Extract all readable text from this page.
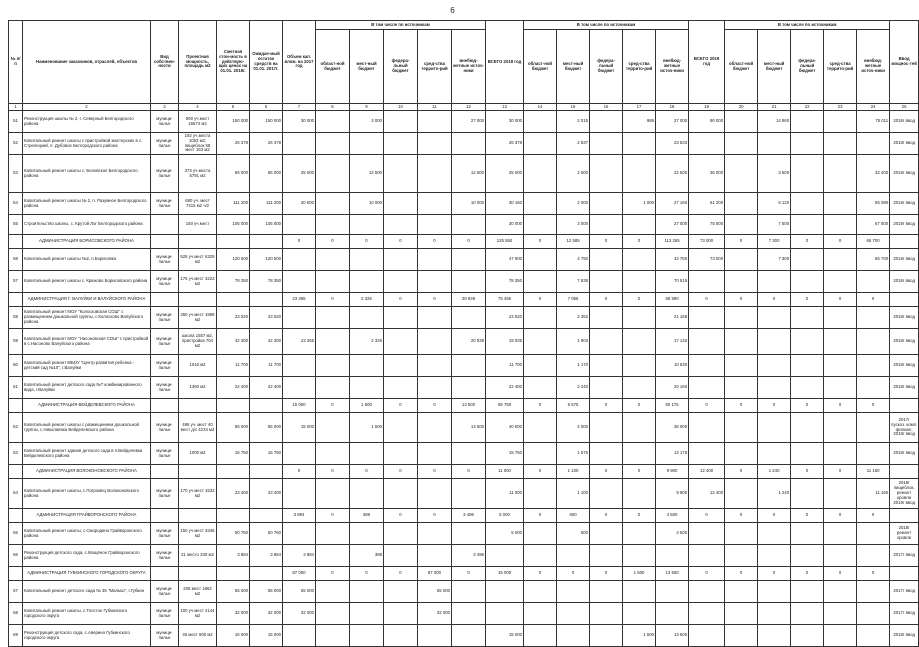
6
№ п/п	Наименование заказчиков, отраслей, объектов	Вид собствен-ности	Проектная мощность, площадь м2	Сметная стои-мость в действую-щих ценах на 01.01. 2018г.	Ожидае-мый остаток средств на 01.01. 2017г.	Объем кап. влож. на 2017 год	В том числе по источникам					ВСЕГО 2018 год	В том числе по источникам					ВСЕГО 2019 год	В том числе по источникам					Ввод мощнос-тей
							област-ной бюджет	мест-ный бюджет	федера-льный бюджет	сред-ства террито-рий	внебюд-жетные источ-ники		област-ной бюджет	мест-ный бюджет	федера-льный бюджет	сред-ства террито-рий	внебюд-жетные источ-ники		област-ной бюджет	мест-ный бюджет	федера-льный бюджет	сред-ства террито-рий	внебюд-жетные источ-ники	
1	2	3	4	5	6	7	8	9	10	11	12	13	14	15	16	17	18	19	20	21	22	23	24	25
51	Реконструкция школы № 2, г. Северный Белгородского района	муници-пальн	900 уч.мест 16674 м2	150 000	150 000	30 000		3 000			27 000	30 000		2 015		985	27 000	90 000		14 960			75 011	2018г ввод
52	Капитальный ремонт школы с пристройкой мастерских в с. Стрелецкий, п. Дубовое Белгородского района	муници-пальн	192 уч.места 1053 м2; пищеблок 58 мест 153 м2	26 378	26 378							26 378		2 837			23 533							2018г ввод
53	Капитальный ремонт школы с. Беловское Белгородского района	муници-пальн	373 уч.места 5791 м2	66 000	66 000	25 000		12 500			12 500	25 000		2 500			22 500	36 000		3 600			32 400	2019г ввод
54	Капитальный ремонт школы № 2, п. Разумное Белгородского района	муници-пальн	680 уч. мест 7415 м2 ч/2	111 200	111 200	20 000		10 000			10 000	30 160		2 000		1 000	27 160	61 200		6 120			55 080	2019г ввод
55	Строительство школы, с. Крутой Лог Белгородского района		150 уч.мест	105 000	105 000							30 000		3 000			27 000	75 000		7 500			67 500	2019г ввод
	АДМИНИСТРАЦИЯ БОРИСОВСКОГО РАЙОНА					0	0	0	0	0	0	125 550	0	12 585	0	0	113 265	73 000	0	7 300	0	0	65 700	
58	Капитальный ремонт школы №2, п.Борисовка	муници-пальн	525 уч.мест 6329 м2	120 500	120 500							47 500		4 750			42 750	73 000		7 300			65 700	2019г ввод
57	Капитальный ремонт школы с. Крюково Борисовского района	муници-пальн	175 уч.мест 3223 м2	78 350	78 350							78 350		7 835			70 515							2018г ввод
	АДМИНИСТРАЦИЯ Г. ВАЛУЙКИ И ВАЛУЙСКОГО РАЙОНА					23 365	0	2 326	0	0	20 939	75 455	0	7 065	0	0	68 890	0	0	0	0	0	0	
58	Капитальный ремонт МОУ "Колосковская СОШ" с размещением дошкольной группы, с.Колосково Валуйского района	муници-пальн	260 уч.мест 1969 м2	23 520	23 520							23 520		2 352			21 168							2018г ввод
59	Капитальный ремонт МОУ "Насоновская СОШ" с пристройкой в с.Насоново Валуйского района	муници-пальн	школа 1557 м2, пристройка 704 м2	42 300	42 300	23 265		2 326			20 939	19 035		1 903			17 132							2018г ввод
60	Капитальный ремонт МБОУ "Центр развития ребенка - детский сад №10", г.Валуйки	муници-пальн	1016 м2	11 700	11 700							11 700		1 170			10 530							2018г ввод
61	Капитальный ремонт детского сада №7 комбинированного вида, г.Валуйки	муници-пальн	1360 м2	22 400	22 400							22 400		2 240			20 160							2018г ввод
	АДМИНИСТРАЦИЯ ВЕЙДЕЛЕВСКОГО РАЙОНА					15 000	0	1 500	0	0	13 500	55 750	0	5 575	0	0	50 175	0	0	0	0	0	0	
62	Капитальный ремонт школы с размещением дошкольной группы, с.Николаевка Вейделевского района	муници-пальн	486 уч. мест 40 мест д/с 4234 м2	55 000	55 000	15 000		1 500			13 500	40 000		4 000			36 000							2017г пускоз. комп. филиал, 2018г ввод
63	Капитальный ремонт здания детского сада в п.Вейделевка Вейделевского района	муници-пальн	1000 м2	15 750	15 750							15 750		1 575			14 175							2018г ввод
	АДМИНИСТРАЦИЯ ВОЛОКОНОВСКОГО РАЙОНА					0	0	0	0	0	0	11 000	0	1 100	0	0	9 900	12 400	0	1 240	0	0	11 160	
64	Капитальный ремонт школы, с.Погромец Волоконовского района	муници-пальн	170 уч.мест 1533 м2	23 400	23 400							11 000		1 100			9 900	12 400		1 240			11 160	2018г пищеблок, ремонт кровли 2019г ввод
	АДМИНИСТРАЦИЯ ГРАЙВОРОНСКОГО РАЙОНА					3 884	0	388	0	0	3 496	5 000	0	500	0	0	4 500	0	0	0	0	0	0	
65	Капитальный ремонт школы, с.Смородино Грайворонского района	муници-пальн	150 уч.мест 3346 м2	50 760	50 760							5 000		500			4 500							2018г ремонт кровли
66	Реконструкция детского сада, с.Мощёное Грайворонского района	муници-пальн	21 место 330 м2	3 884	3 884	3 884		388			3 496													2017г ввод
	АДМИНИСТРАЦИЯ ГУБКИНСКОГО ГОРОДСКОГО ОКРУГА					87 000	0	0	0	87 000	0	15 000	0	0	0	1 500	13 500	0	0	0	0	0	0	
67	Капитальный ремонт детского сада № 35 "Малыш", г.Губкин	муници-пальн	205 мест 1862 м2	55 000	55 000	55 000				55 000														2017г ввод
68	Капитальный ремонт школы, с.Толстое Губкинского городского округа	муници-пальн	100 уч.мест 2144 м2	32 000	32 000	32 000				32 000														2017г ввод
69	Реконструкция детского сада, с.Аверино Губкинского городского округа	муници-пальн	45 мест 600 м2	15 000	15 000							15 000				1 500	13 500							2018г ввод
